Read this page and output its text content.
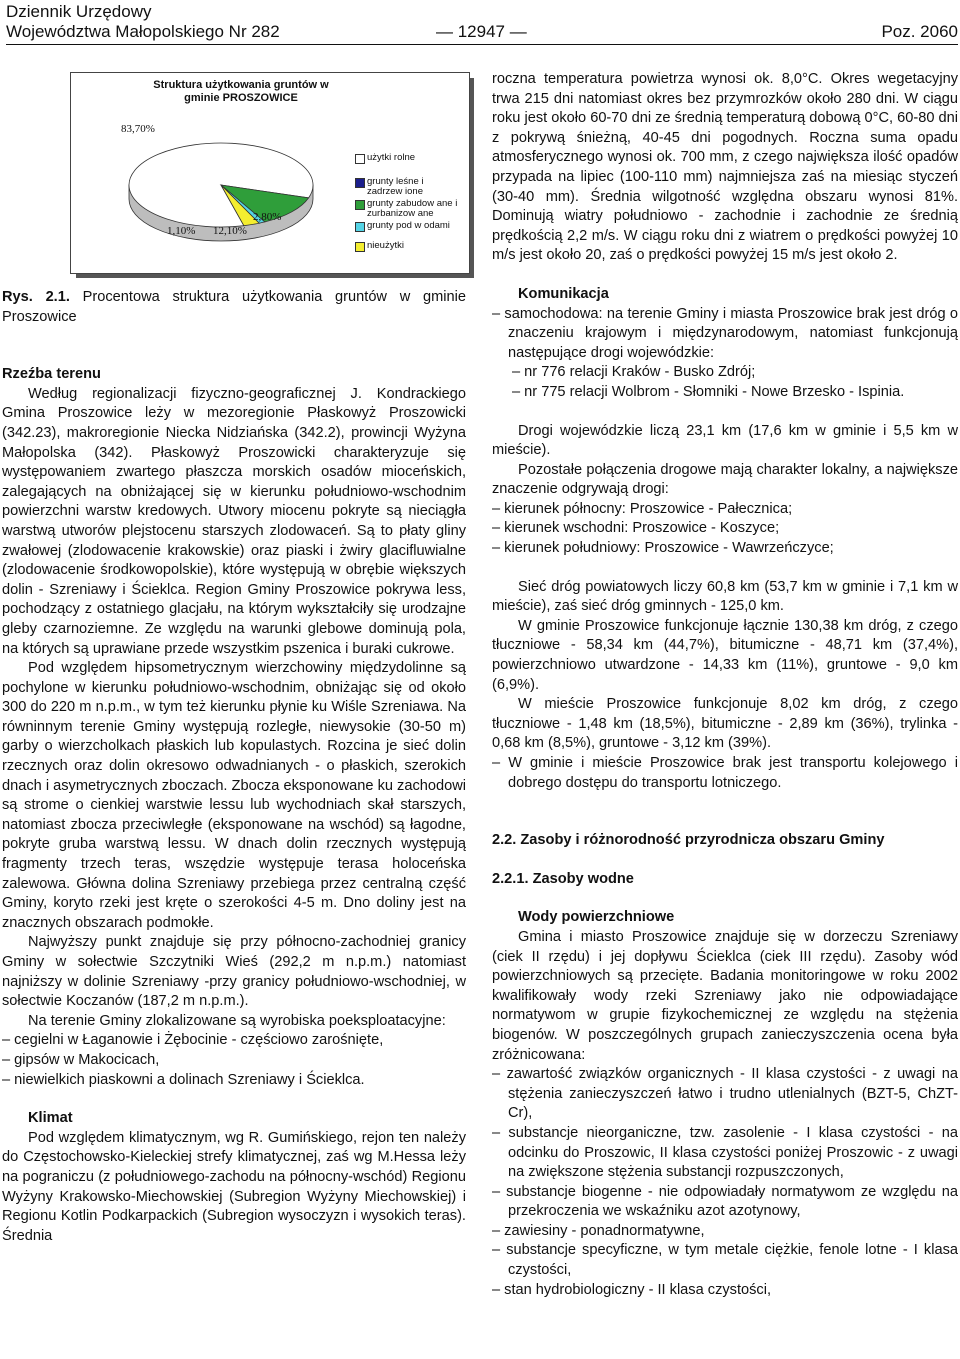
Dziennik Urzędowy
Województwa Małopolskiego Nr 282	— 12947 —	Poz. 2060
Struktura użytkowania gruntów w gminie PROSZOWICE
83,70%
1,10% 12,10%
2,80%
użytki rolne
grunty leśne i zadrzew ione
grunty zabudow ane i zurbanizow ane
grunty pod w odami
nieużytki

Rys. 2.1. Procentowa struktura użytkowania gruntów w gminie Proszowice

Rzeźba terenu

Według regionalizacji fizyczno-geograficznej J. Kondrackiego Gmina Proszowice leży w mezoregionie Płaskowyż Proszowicki (342.23), makroregionie Niecka Nidziańska (342.2), prowincji Wyżyna Małopolska (342). Płaskowyż Proszowicki charakteryzuje się występowaniem zwartego płaszcza morskich osadów mioceńskich, zalegających na obniżającej się w kierunku południowo-wschodnim powierzchni warstw kredowych. Utwory miocenu pokryte są nieciągła warstwą utworów plejstocenu starszych zlodowaceń. Są to płaty gliny zwałowej (zlodowacenie krakowskie) oraz piaski i żwiry glacifluwialne (zlodowacenie środkowopolskie), które występują w obrębie większych dolin - Szreniawy i Ścieklca. Region Gminy Proszowice pokrywa less, pochodzący z ostatniego glacjału, na którym wykształciły się urodzajne gleby czarnoziemne. Ze względu na warunki glebowe dominują pola, na których są uprawiane przede wszystkim pszenica i buraki cukrowe.

Pod względem hipsometrycznym wierzchowiny międzydolinne są pochylone w kierunku południowo-wschodnim, obniżając się od około 300 do 220 m n.p.m., w tym też kierunku płynie ku Wiśle Szreniawa. Na równinnym terenie Gminy występują rozległe, niewysokie (30-50 m) garby o wierzcholkach płaskich lub kopulastych. Rozcina je sieć dolin rzecznych oraz dolin okresowo odwadnianych - o płaskich, szerokich dnach i asymetrycznych zboczach. Zbocza eksponowane ku zachodowi są strome o cienkiej warstwie lessu lub wychodniach skał starszych, natomiast zbocza przeciwległe (eksponowane na wschód) są łagodne, pokryte gruba warstwą lessu. W dnach dolin rzecznych występują fragmenty trzech teras, wszędzie występuje terasa holoceńska zalewowa. Główna dolina Szreniawy przebiega przez centralną część Gminy, koryto rzeki jest kręte o szerokości 4-5 m. Dno doliny jest na znacznych obszarach podmokłe.

Najwyższy punkt znajduje się przy północno-zachodniej granicy Gminy w sołectwie Szczytniki Wieś (292,2 m n.p.m.) natomiast najniższy w dolinie Szreniawy -przy granicy południowo-wschodniej, w sołectwie Koczanów (187,2 m n.p.m.).

Na terenie Gminy zlokalizowane są wyrobiska poeksploatacyjne:

– cegielni w Łaganowie i Żębocinie - częściowo zarośnięte,

– gipsów w Makocicach,

– niewielkich piaskowni a dolinach Szreniawy i Ścieklca.

Klimat

Pod względem klimatycznym, wg R. Gumińskiego, rejon ten należy do Częstochowsko-Kieleckiej strefy klimatycznej, zaś wg M.Hessa leży na pograniczu (z południowego-zachodu na północny-wschód) Regionu Wyżyny Krakowsko-Miechowskiej (Subregion Wyżyny Miechowskiej) i Regionu Kotlin Podkarpackich (Subregion wysoczyzn i wysokich teras). Średnia

roczna temperatura powietrza wynosi ok. 8,0°C. Okres wegetacyjny trwa 215 dni natomiast okres bez przymrozków około 280 dni. W ciągu roku jest około 60-70 dni ze średnią temperaturą dobową 0°C, 60-80 dni z pokrywą śnieżną, 40-45 dni pogodnych. Roczna suma opadu atmosferycznego wynosi ok. 700 mm, z czego największa ilość opadów przypada na lipiec (100-110 mm) najmniejsza zaś na miesiąc styczeń (30-40 mm). Średnia wilgotność względna obszaru wynosi 81%. Dominują wiatry południowo - zachodnie i zachodnie ze średnią prędkością 2,2 m/s. W ciągu roku dni z wiatrem o prędkości powyżej 10 m/s jest około 20, zaś o prędkości powyżej 15 m/s jest około 2.

Komunikacja

– samochodowa: na terenie Gminy i miasta Proszowice brak jest dróg o znaczeniu krajowym i międzynarodowym, natomiast funkcjonują następujące drogi wojewódzkie:

– nr 776 relacji Kraków - Busko Zdrój;

– nr 775 relacji Wolbrom - Słomniki - Nowe Brzesko - Ispinia.

Drogi wojewódzkie liczą 23,1 km (17,6 km w gminie i 5,5 km w mieście).

Pozostałe połączenia drogowe mają charakter lokalny, a największe znaczenie odgrywają drogi:

– kierunek północny: Proszowice - Pałecznica;

– kierunek wschodni: Proszowice - Koszyce;

– kierunek południowy: Proszowice - Wawrzeńczyce;

Sieć dróg powiatowych liczy 60,8 km (53,7 km w gminie i 7,1 km w mieście), zaś sieć dróg gminnych - 125,0 km.

W gminie Proszowice funkcjonuje łącznie 130,38 km dróg, z czego tłuczniowe - 58,34 km (44,7%), bitumiczne - 48,71 km (37,4%), powierzchniowo utwardzone - 14,33 km (11%), gruntowe - 9,0 km (6,9%).

W mieście Proszowice funkcjonuje 8,02 km dróg, z czego tłuczniowe - 1,48 km (18,5%), bitumiczne - 2,89 km (36%), trylinka - 0,68 km (8,5%), gruntowe - 3,12 km (39%).

– W gminie i mieście Proszowice brak jest transportu kolejowego i dobrego dostępu do transportu lotniczego.

2.2. Zasoby i różnorodność przyrodnicza obszaru Gminy

2.2.1. Zasoby wodne

Wody powierzchniowe

Gmina i miasto Proszowice znajduje się w dorzeczu Szreniawy (ciek II rzędu) i jej dopływu Ścieklca (ciek III rzędu). Zasoby wód powierzchniowych są przecięte. Badania monitoringowe w roku 2002 kwalifikowały wody rzeki Szreniawy jako nie odpowiadające normatywom w grupie fizykochemicznej ze względu na stężenia biogenów. W poszczególnych grupach zanieczyszczenia ocena była zróżnicowana:

– zawartość związków organicznych - II klasa czystości - z uwagi na stężenia zanieczyszczeń łatwo i trudno utlenialnych (BZT-5, ChZT-Cr),

– substancje nieorganiczne, tzw. zasolenie - I klasa czystości - na odcinku do Proszowic, II klasa czystości poniżej Proszowic - z uwagi na zwiększone stężenia substancji rozpuszczonych,

– substancje biogenne - nie odpowiadały normatywom ze względu na przekroczenia we wskaźniku azot azotynowy,

– zawiesiny - ponadnormatywne,

– substancje specyficzne, w tym metale ciężkie, fenole lotne - I klasa czystości,

– stan hydrobiologiczny - II klasa czystości,
